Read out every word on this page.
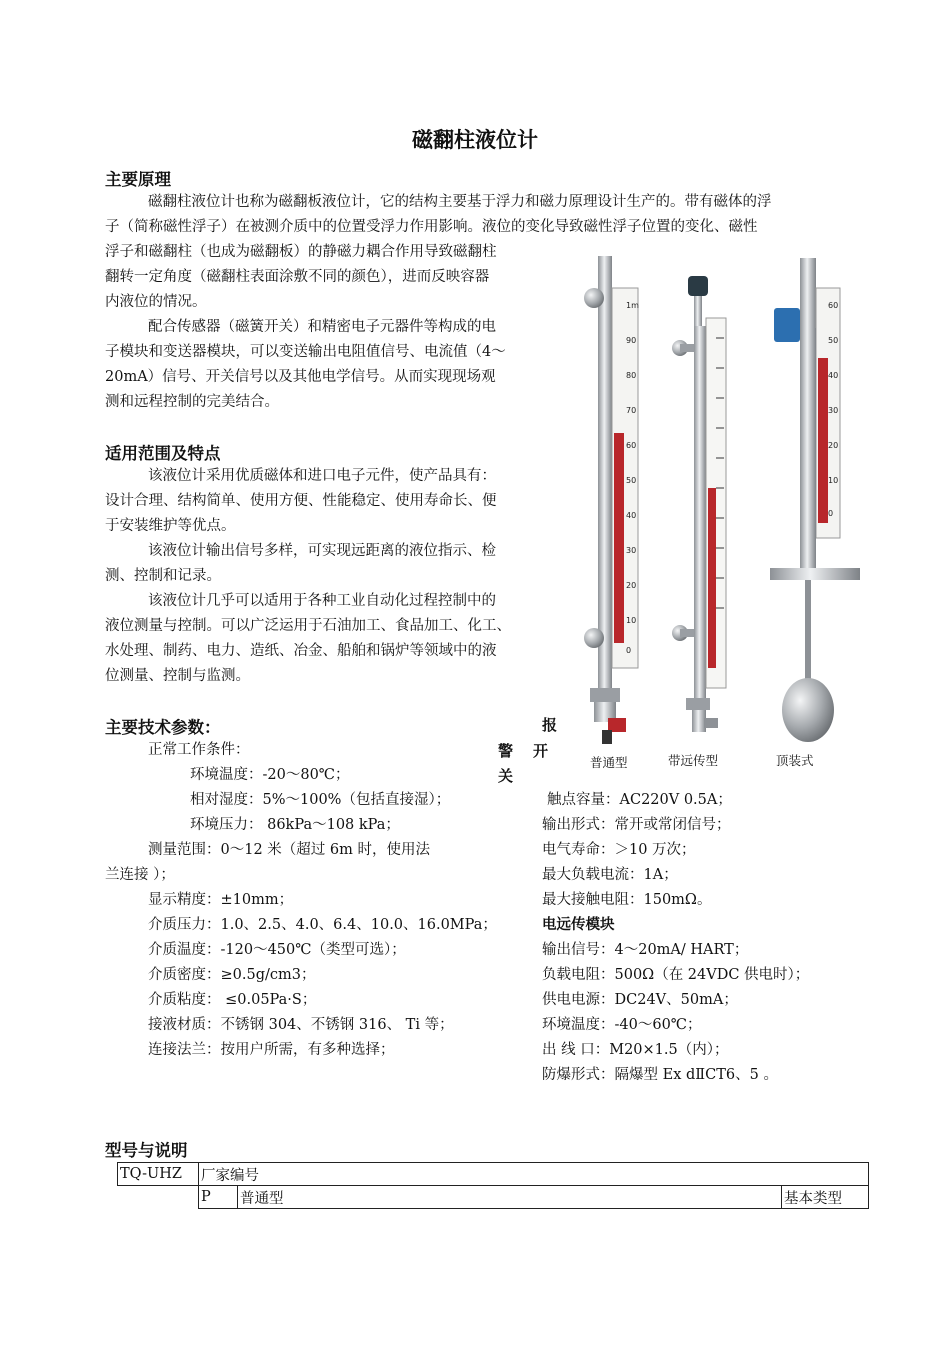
磁翻柱液位计
主要原理
磁翻柱液位计也称为磁翻板液位计，它的结构主要基于浮力和磁力原理设计生产的。带有磁体的浮
子（简称磁性浮子）在被测介质中的位置受浮力作用影响。液位的变化导致磁性浮子位置的变化、磁性
浮子和磁翻柱（也成为磁翻板）的静磁力耦合作用导致磁翻柱
翻转一定角度（磁翻柱表面涂敷不同的颜色），进而反映容器
内液位的情况。
配合传感器（磁簧开关）和精密电子元器件等构成的电
子模块和变送器模块，可以变送输出电阻值信号、电流值（4～
20mA）信号、开关信号以及其他电学信号。从而实现现场观
测和远程控制的完美结合。
适用范围及特点
该液位计采用优质磁体和进口电子元件，使产品具有：
设计合理、结构简单、使用方便、性能稳定、使用寿命长、便
于安装维护等优点。
该液位计输出信号多样，可实现远距离的液位指示、检
测、控制和记录。
该液位计几乎可以适用于各种工业自动化过程控制中的
液位测量与控制。可以广泛运用于石油加工、食品加工、化工、
水处理、制药、电力、造纸、冶金、船舶和锅炉等领域中的液
位测量、控制与监测。
1m
90
80
70
60
50
40
30
20
10
0
60
50
40
30
20
10
0
普通型	带远传型	顶装式
主要技术参数：	报
警 开
关
正常工作条件：
环境温度：-20～80℃；
相对湿度：5%～100%（包括直接湿）；
环境压力： 86kPa～108 kPa；
测量范围：0～12 米（超过 6m 时，使用法
兰连接 ）；
显示精度：±10mm；
介质压力：1.0、2.5、4.0、6.4、10.0、16.0MPa；
介质温度：-120～450℃（类型可选）；
介质密度：≥0.5g/cm3；
介质粘度： ≤0.05Pa·S；
接液材质：不锈钢 304、不锈钢 316、 Ti 等；
连接法兰：按用户所需，有多种选择；
触点容量：AC220V 0.5A；
输出形式：常开或常闭信号；
电气寿命：＞10 万次；
最大负载电流：1A；
最大接触电阻：150mΩ。
电远传模块
输出信号：4～20mA/ HART；
负载电阻：500Ω（在 24VDC 供电时）；
供电电源：DC24V、50mA；
环境温度：-40～60℃；
出 线 口：M20×1.5（内）；
防爆形式：隔爆型 Ex dⅡCT6、5 。
型号与说明
TQ-UHZ	厂家编号		
	P	普通型	基本类型
